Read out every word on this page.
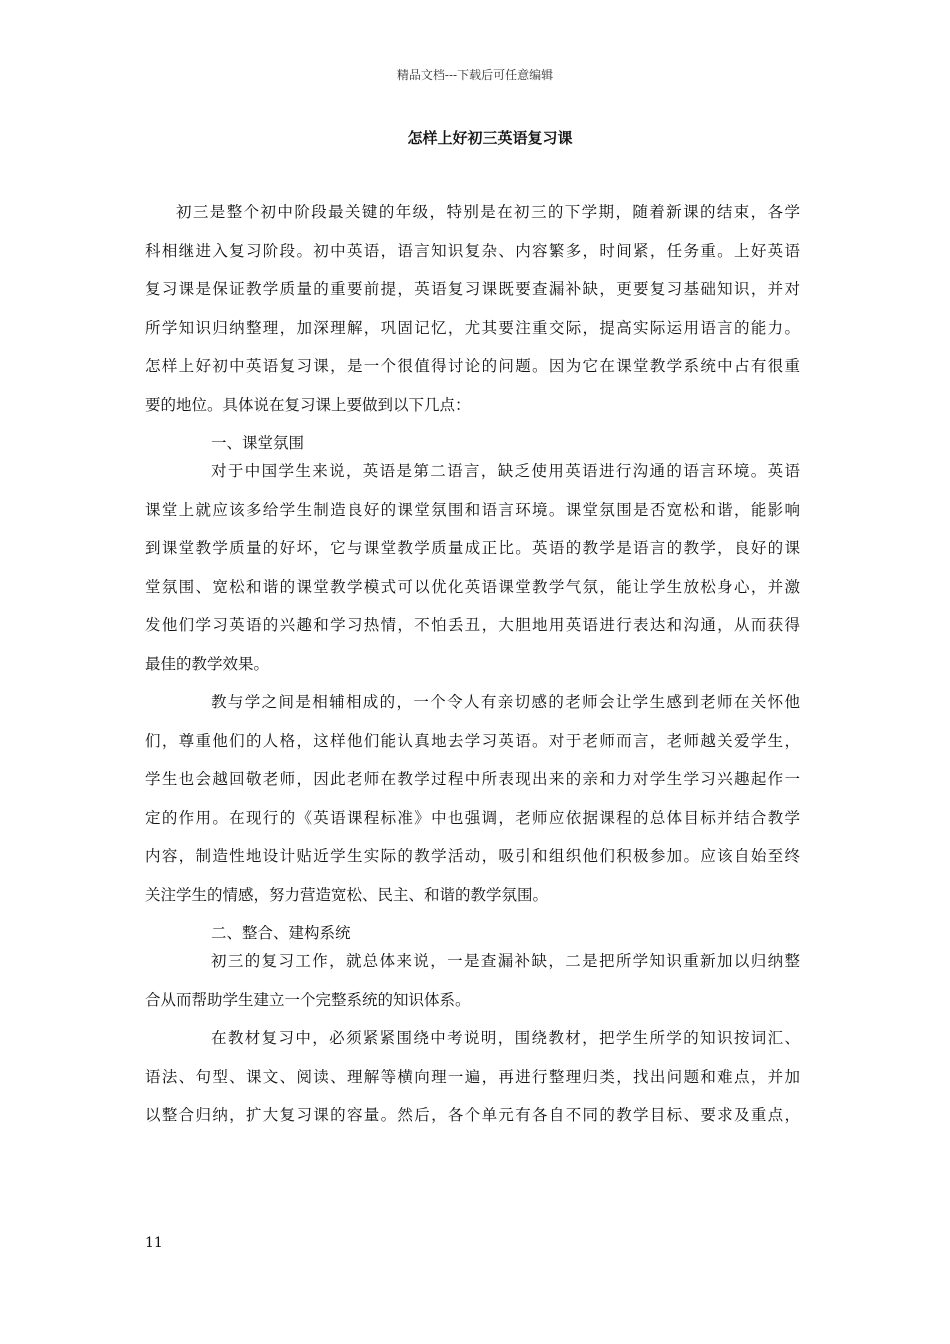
精品文档---下载后可任意编辑
怎样上好初三英语复习课
初三是整个初中阶段最关键的年级，特别是在初三的下学期，随着新课的结束，各学
科相继进入复习阶段。初中英语，语言知识复杂、内容繁多，时间紧，任务重。上好英语
复习课是保证教学质量的重要前提，英语复习课既要查漏补缺，更要复习基础知识，并对
所学知识归纳整理，加深理解，巩固记忆，尤其要注重交际，提高实际运用语言的能力。
怎样上好初中英语复习课，是一个很值得讨论的问题。因为它在课堂教学系统中占有很重
要的地位。具体说在复习课上要做到以下几点：
一、课堂氛围
对于中国学生来说，英语是第二语言，缺乏使用英语进行沟通的语言环境。英语
课堂上就应该多给学生制造良好的课堂氛围和语言环境。课堂氛围是否宽松和谐，能影响
到课堂教学质量的好坏，它与课堂教学质量成正比。英语的教学是语言的教学，良好的课
堂氛围、宽松和谐的课堂教学模式可以优化英语课堂教学气氛，能让学生放松身心，并激
发他们学习英语的兴趣和学习热情，不怕丢丑，大胆地用英语进行表达和沟通，从而获得
最佳的教学效果。
教与学之间是相辅相成的，一个令人有亲切感的老师会让学生感到老师在关怀他
们，尊重他们的人格，这样他们能认真地去学习英语。对于老师而言，老师越关爱学生，
学生也会越回敬老师，因此老师在教学过程中所表现出来的亲和力对学生学习兴趣起作一
定的作用。在现行的《英语课程标准》中也强调，老师应依据课程的总体目标并结合教学
内容，制造性地设计贴近学生实际的教学活动，吸引和组织他们积极参加。应该自始至终
关注学生的情感，努力营造宽松、民主、和谐的教学氛围。
二、整合、建构系统
初三的复习工作，就总体来说，一是查漏补缺，二是把所学知识重新加以归纳整
合从而帮助学生建立一个完整系统的知识体系。
在教材复习中，必须紧紧围绕中考说明，围绕教材，把学生所学的知识按词汇、
语法、句型、课文、阅读、理解等横向理一遍，再进行整理归类，找出问题和难点，并加
以整合归纳，扩大复习课的容量。然后，各个单元有各自不同的教学目标、要求及重点，
11
